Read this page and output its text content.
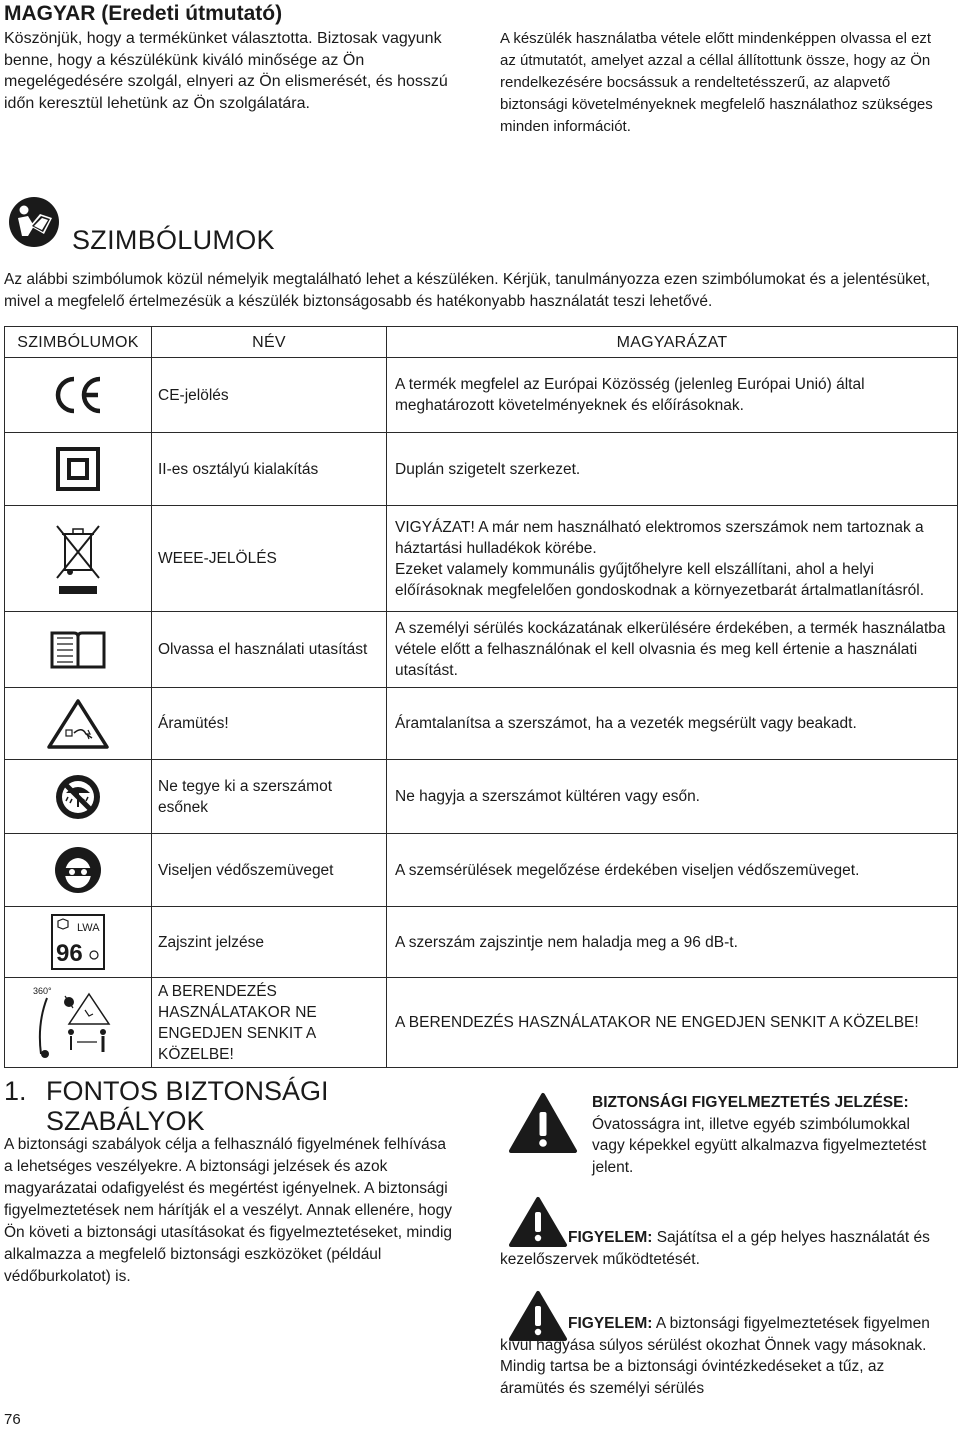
MAGYAR (Eredeti útmutató)
Köszönjük, hogy a termékünket választotta. Biztosak vagyunk benne, hogy a készülékünk kiváló minősége az Ön megelégedésére szolgál, elnyeri az Ön elismerését, és hosszú időn keresztül lehetünk az Ön szolgálatára.
A készülék használatba vétele előtt mindenképpen olvassa el ezt az útmutatót, amelyet azzal a céllal állítottunk össze, hogy az Ön rendelkezésére bocsássuk a rendeltetésszerű, az alapvető biztonsági követelményeknek megfelelő használathoz szükséges minden információt.
SZIMBÓLUMOK
Az alábbi szimbólumok közül némelyik megtalálható lehet a készüléken. Kérjük, tanulmányozza ezen szimbólumokat és a jelentésüket, mivel a megfelelő értelmezésük a készülék biztonságosabb és hatékonyabb használatát teszi lehetővé.
SZIMBÓLUMOK	NÉV	MAGYARÁZAT

	CE-jelölés	A termék megfelel az Európai Közösség (jelenleg Európai Unió) által meghatározott követelményeknek és előírásoknak.

	II-es osztályú kialakítás	Duplán szigetelt szerkezet.

	WEEE-JELÖLÉS	VIGYÁZAT! A már nem használható elektromos szerszámok nem tartoznak a háztartási hulladékok körébe.
Ezeket valamely kommunális gyűjtőhelyre kell elszállítani, ahol a helyi előírásoknak megfelelően gondoskodnak a környezetbarát ártalmatlanításról.

	Olvassa el használati utasítást	A személyi sérülés kockázatának elkerülésére érdekében, a termék használatba vétele előtt a felhasználónak el kell olvasnia és meg kell értenie a használati utasítást.

	Áramütés!	Áramtalanítsa a szerszámot, ha a vezeték megsérült vagy beakadt.

	Ne tegye ki a szerszámot esőnek	Ne hagyja a szerszámot kültéren vagy esőn.

	Viseljen védőszemüveget	A szemsérülések megelőzése érdekében viseljen védőszemüveget.

LWA
96	Zajszint jelzése	A szerszám zajszintje nem haladja meg a 96 dB-t.

360°	A BERENDEZÉS HASZNÁLATAKOR NE ENGEDJEN SENKIT A KÖZELBE!	A BERENDEZÉS HASZNÁLATAKOR NE ENGEDJEN SENKIT A KÖZELBE!
1. FONTOS BIZTONSÁGI
SZABÁLYOK
A biztonsági szabályok célja a felhasználó figyelmének felhívása a lehetséges veszélyekre. A biztonsági jelzések és azok magyarázatai odafigyelést és megértést igényelnek. A biztonsági figyelmeztetések nem hárítják el a veszélyt. Annak ellenére, hogy Ön követi a biztonsági utasításokat és figyelmeztetéseket, mindig alkalmazza a megfelelő biztonsági eszközöket (például védőburkolatot) is.
BIZTONSÁGI FIGYELMEZTETÉS JELZÉSE: Óvatosságra int, illetve egyéb szimbólumokkal vagy képekkel együtt alkalmazva figyelmeztetést jelent.
FIGYELEM: Sajátítsa el a gép helyes használatát és kezelőszervek működtetését.
FIGYELEM: A biztonsági figyelmeztetések figyelmen kívül hagyása súlyos sérülést okozhat Önnek vagy másoknak. Mindig tartsa be a biztonsági óvintézkedéseket a tűz, az áramütés és személyi sérülés
76
